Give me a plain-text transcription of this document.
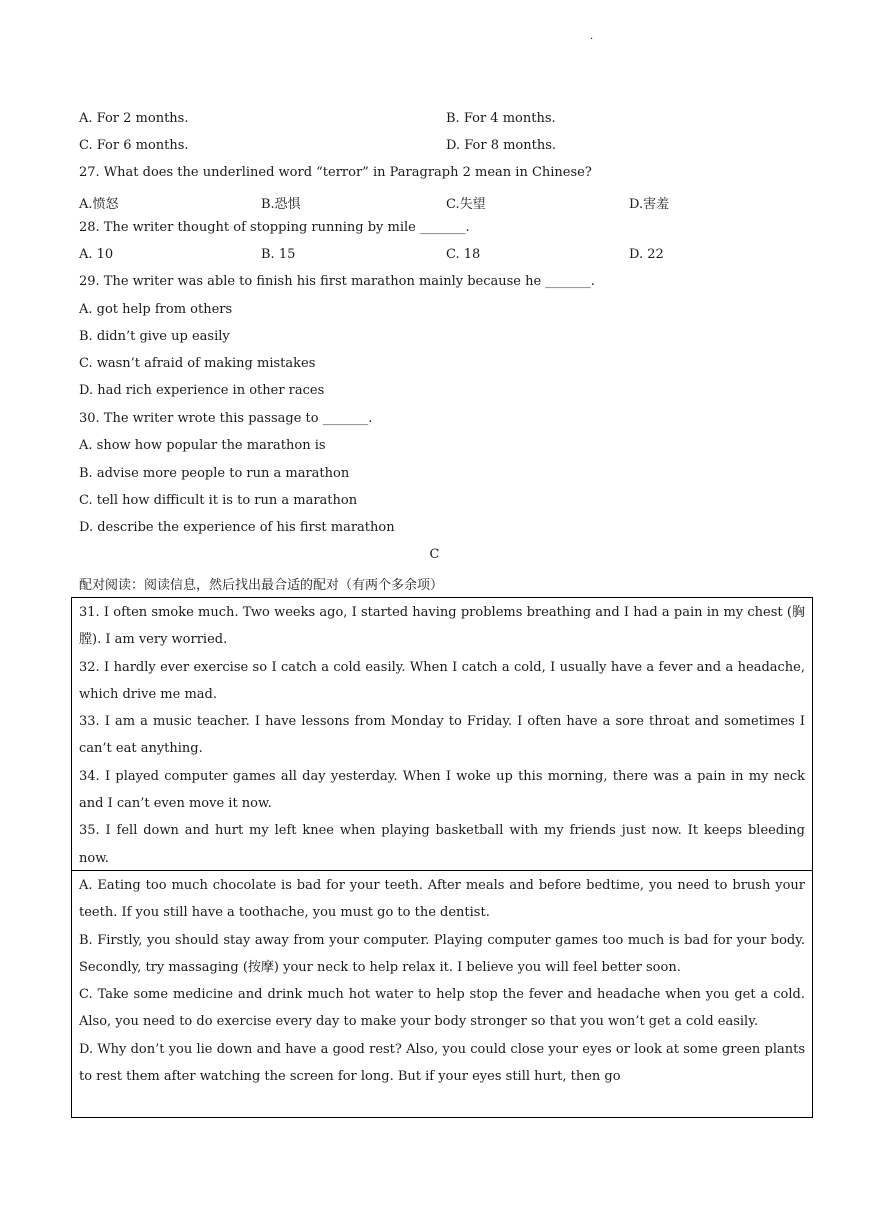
·
A. For 2 months.	B. For 4 months.
C. For 6 months.	D. For 8 months.
27. What does the underlined word “terror” in Paragraph 2 mean in Chinese?
A.愤怒	B.恐惧	C.失望	D.害羞
28. The writer thought of stopping running by mile _______.
A. 10	B. 15	C. 18	D. 22
29. The writer was able to finish his first marathon mainly because he _______.
A. got help from others
B. didn’t give up easily
C. wasn’t afraid of making mistakes
D. had rich experience in other races
30. The writer wrote this passage to _______.
A. show how popular the marathon is
B. advise more people to run a marathon
C. tell how difficult it is to run a marathon
D. describe the experience of his first marathon
C
配对阅读：阅读信息，然后找出最合适的配对（有两个多余项）

31. I often smoke much. Two weeks ago, I started having problems breathing and I had a pain in my chest (胸膛). I am very worried.

32. I hardly ever exercise so I catch a cold easily. When I catch a cold, I usually have a fever and a headache, which drive me mad.

33. I am a music teacher. I have lessons from Monday to Friday. I often have a sore throat and sometimes I can’t eat anything.

34. I played computer games all day yesterday. When I woke up this morning, there was a pain in my neck and I can’t even move it now.

35. I fell down and hurt my left knee when playing basketball with my friends just now. It keeps bleeding now.

A. Eating too much chocolate is bad for your teeth. After meals and before bedtime, you need to brush your teeth. If you still have a toothache, you must go to the dentist.

B. Firstly, you should stay away from your computer. Playing computer games too much is bad for your body. Secondly, try massaging (按摩) your neck to help relax it. I believe you will feel better soon.

C. Take some medicine and drink much hot water to help stop the fever and headache when you get a cold. Also, you need to do exercise every day to make your body stronger so that you won’t get a cold easily.

D. Why don’t you lie down and have a good rest? Also, you could close your eyes or look at some green plants to rest them after watching the screen for long. But if your eyes still hurt, then go
